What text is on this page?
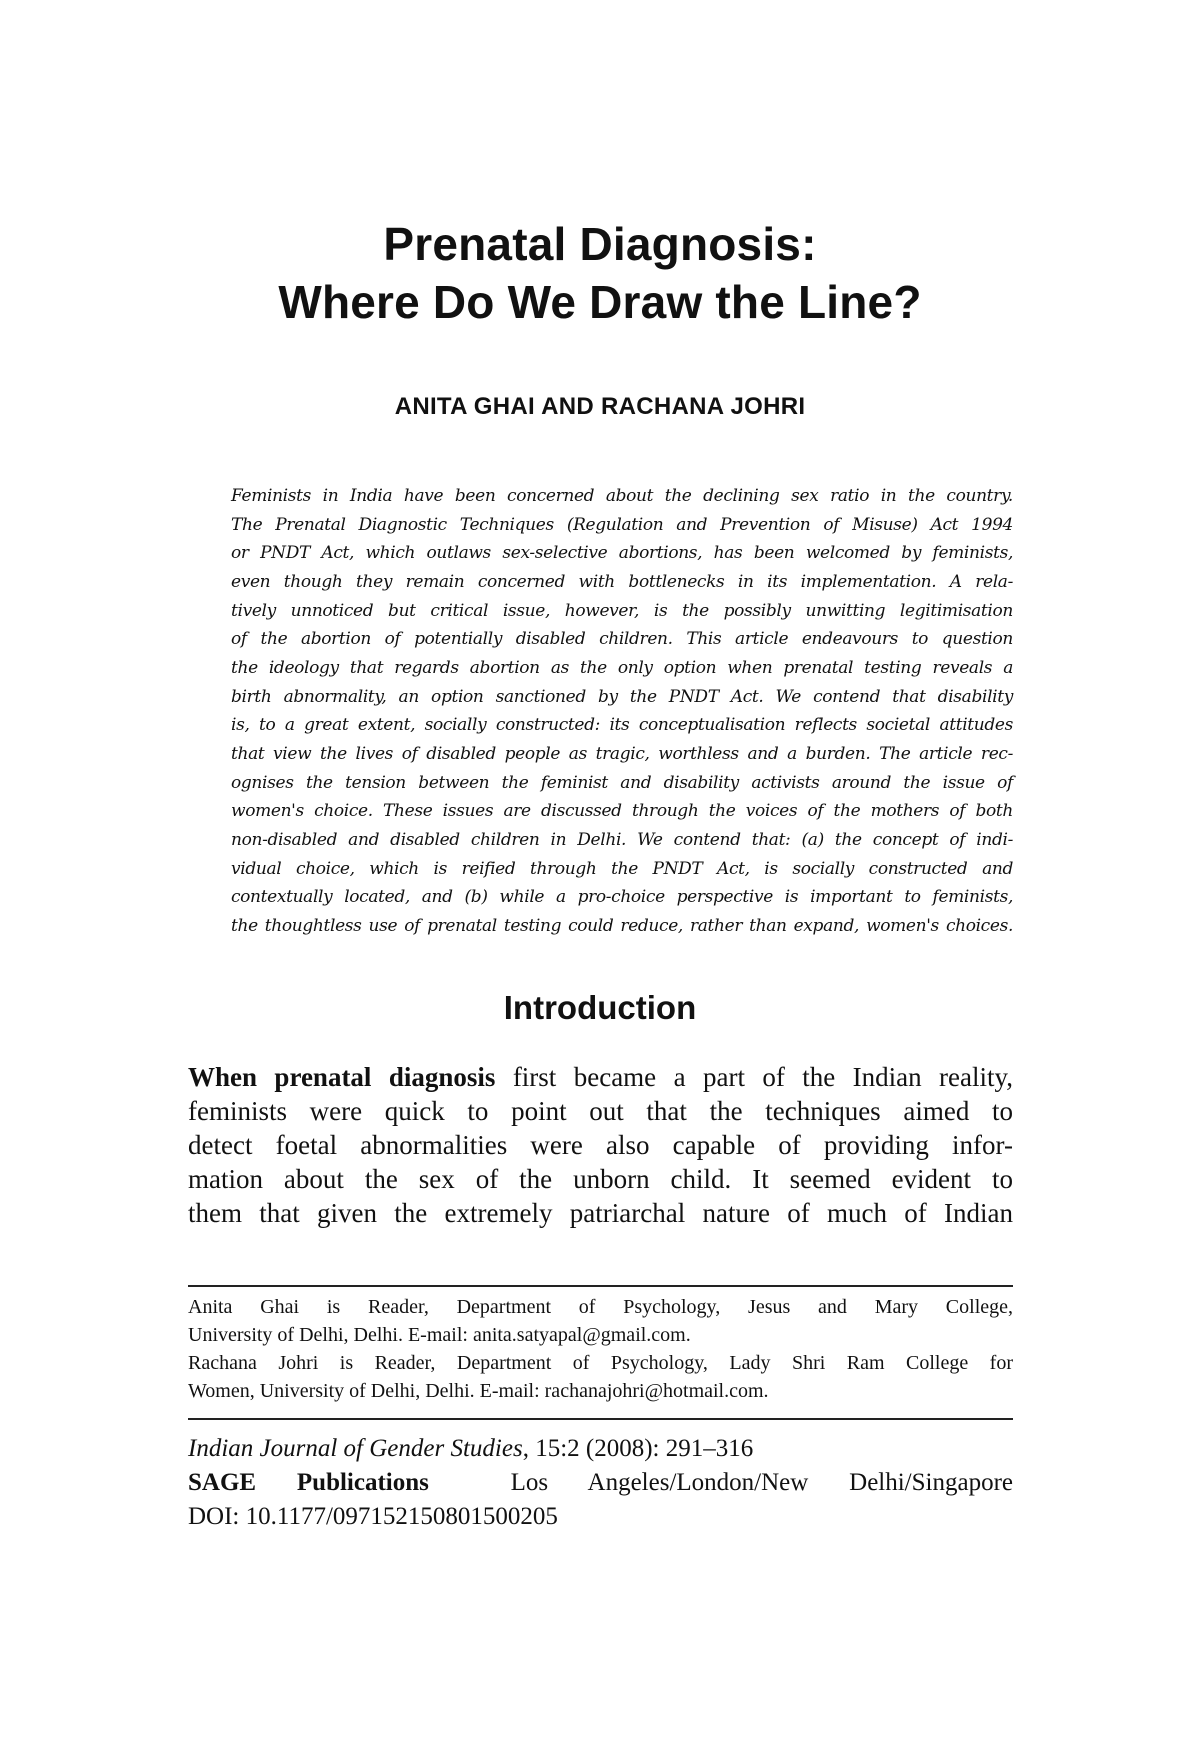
Prenatal Diagnosis:
Where Do We Draw the Line?
ANITA GHAI AND RACHANA JOHRI
Feminists in India have been concerned about the declining sex ratio in the country.
The Prenatal Diagnostic Techniques (Regulation and Prevention of Misuse) Act 1994
or PNDT Act, which outlaws sex-selective abortions, has been welcomed by feminists,
even though they remain concerned with bottlenecks in its implementation. A rela-
tively unnoticed but critical issue, however, is the possibly unwitting legitimisation
of the abortion of potentially disabled children. This article endeavours to question
the ideology that regards abortion as the only option when prenatal testing reveals a
birth abnormality, an option sanctioned by the PNDT Act. We contend that disability
is, to a great extent, socially constructed: its conceptualisation reflects societal attitudes
that view the lives of disabled people as tragic, worthless and a burden. The article rec-
ognises the tension between the feminist and disability activists around the issue of
women's choice. These issues are discussed through the voices of the mothers of both
non-disabled and disabled children in Delhi. We contend that: (a) the concept of indi-
vidual choice, which is reified through the PNDT Act, is socially constructed and
contextually located, and (b) while a pro-choice perspective is important to feminists,
the thoughtless use of prenatal testing could reduce, rather than expand, women's choices.
Introduction
When prenatal diagnosis first became a part of the Indian reality,
feminists were quick to point out that the techniques aimed to
detect foetal abnormalities were also capable of providing infor-
mation about the sex of the unborn child. It seemed evident to
them that given the extremely patriarchal nature of much of Indian
Anita Ghai is Reader, Department of Psychology, Jesus and Mary College,
University of Delhi, Delhi. E-mail: anita.satyapal@gmail.com.
Rachana Johri is Reader, Department of Psychology, Lady Shri Ram College for
Women, University of Delhi, Delhi. E-mail: rachanajohri@hotmail.com.
Indian Journal of Gender Studies, 15:2 (2008): 291–316
SAGE Publications	Los Angeles/London/New Delhi/Singapore
DOI: 10.1177/097152150801500205
